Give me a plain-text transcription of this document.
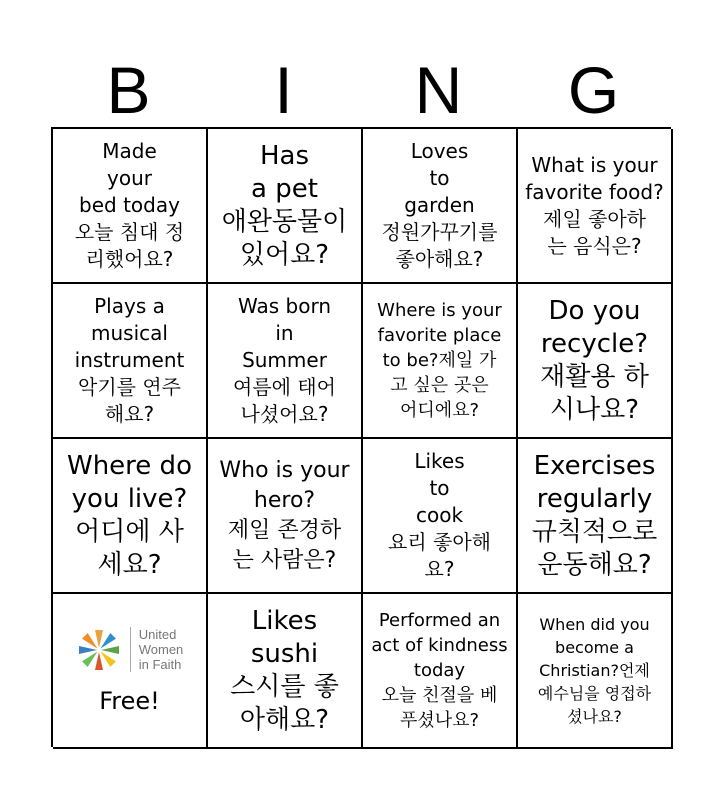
B	I	N	G
Made
your
bed today
오늘 침대 정
리했어요?
Has
a pet
애완동물이
있어요?
Loves
to
garden
정원가꾸기를
좋아해요?
What is your
favorite food?
제일 좋아하
는 음식은?
Plays a
musical
instrument
악기를 연주
해요?
Was born
in
Summer
여름에 태어
나셨어요?
Where is your
favorite place
to be?제일 가
고 싶은 곳은
어디에요?
Do you
recycle?
재활용 하
시나요?
Where do
you live?
어디에 사
세요?
Who is your
hero?
제일 존경하
는 사람은?
Likes
to
cook
요리 좋아해
요?
Exercises
regularly
규칙적으로
운동해요?
United
Women
in Faith
Free!
Likes
sushi
스시를 좋
아해요?
Performed an
act of kindness
today
오늘 친절을 베
푸셨나요?
When did you
become a
Christian?언제
예수님을 영접하
셨나요?
